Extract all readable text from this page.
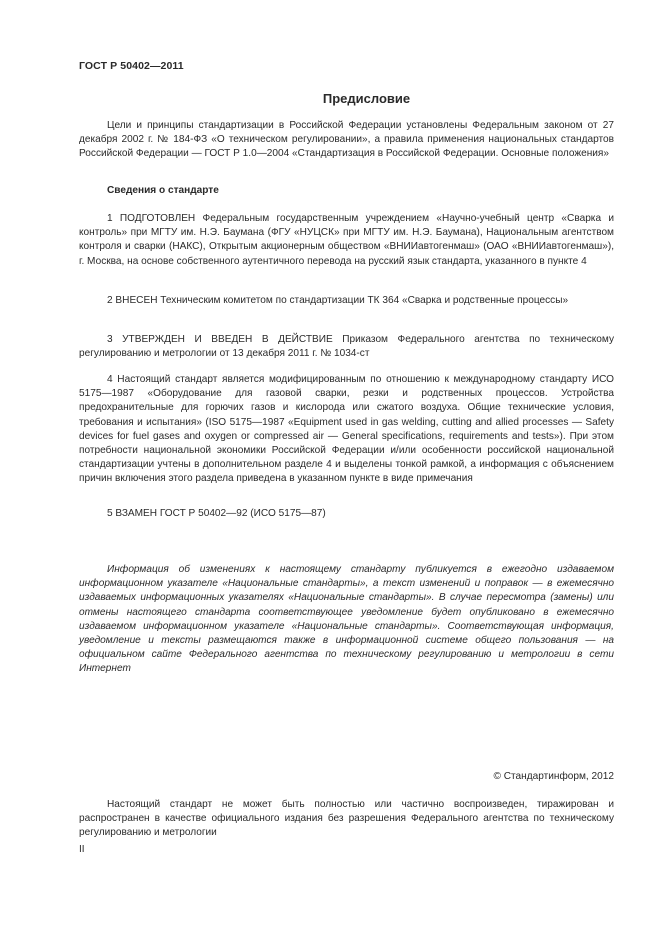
ГОСТ Р 50402—2011
Предисловие

Цели и принципы стандартизации в Российской Федерации установлены Федеральным законом от 27 декабря 2002 г. № 184-ФЗ «О техническом регулировании», а правила применения национальных стандартов Российской Федерации — ГОСТ Р 1.0—2004 «Стандартизация в Российской Федерации. Основные положения»

Сведения о стандарте

1 ПОДГОТОВЛЕН Федеральным государственным учреждением «Научно-учебный центр «Сварка и контроль» при МГТУ им. Н.Э. Баумана (ФГУ «НУЦСК» при МГТУ им. Н.Э. Баумана), Национальным агентством контроля и сварки (НАКС), Открытым акционерным обществом «ВНИИавтогенмаш» (ОАО «ВНИИавтогенмаш»), г. Москва, на основе собственного аутентичного перевода на русский язык стандарта, указанного в пункте 4

2 ВНЕСЕН Техническим комитетом по стандартизации ТК 364 «Сварка и родственные процессы»

3 УТВЕРЖДЕН И ВВЕДЕН В ДЕЙСТВИЕ Приказом Федерального агентства по техническому регулированию и метрологии от 13 декабря 2011 г. № 1034-ст

4 Настоящий стандарт является модифицированным по отношению к международному стандарту ИСО 5175—1987 «Оборудование для газовой сварки, резки и родственных процессов. Устройства предохранительные для горючих газов и кислорода или сжатого воздуха. Общие технические условия, требования и испытания» (ISO 5175—1987 «Equipment used in gas welding, cutting and allied processes — Safety devices for fuel gases and oxygen or compressed air — General specifications, requirements and tests»). При этом потребности национальной экономики Российской Федерации и/или особенности российской национальной стандартизации учтены в дополнительном разделе 4 и выделены тонкой рамкой, а информация с объяснением причин включения этого раздела приведена в указанном пункте в виде примечания

5 ВЗАМЕН ГОСТ Р 50402—92 (ИСО 5175—87)

Информация об изменениях к настоящему стандарту публикуется в ежегодно издаваемом информационном указателе «Национальные стандарты», а текст изменений и поправок — в ежемесячно издаваемых информационных указателях «Национальные стандарты». В случае пересмотра (замены) или отмены настоящего стандарта соответствующее уведомление будет опубликовано в ежемесячно издаваемом информационном указателе «Национальные стандарты». Соответствующая информация, уведомление и тексты размещаются также в информационной системе общего пользования — на официальном сайте Федерального агентства по техническому регулированию и метрологии в сети Интернет

© Стандартинформ, 2012

Настоящий стандарт не может быть полностью или частично воспроизведен, тиражирован и распространен в качестве официального издания без разрешения Федерального агентства по техническому регулированию и метрологии

II
